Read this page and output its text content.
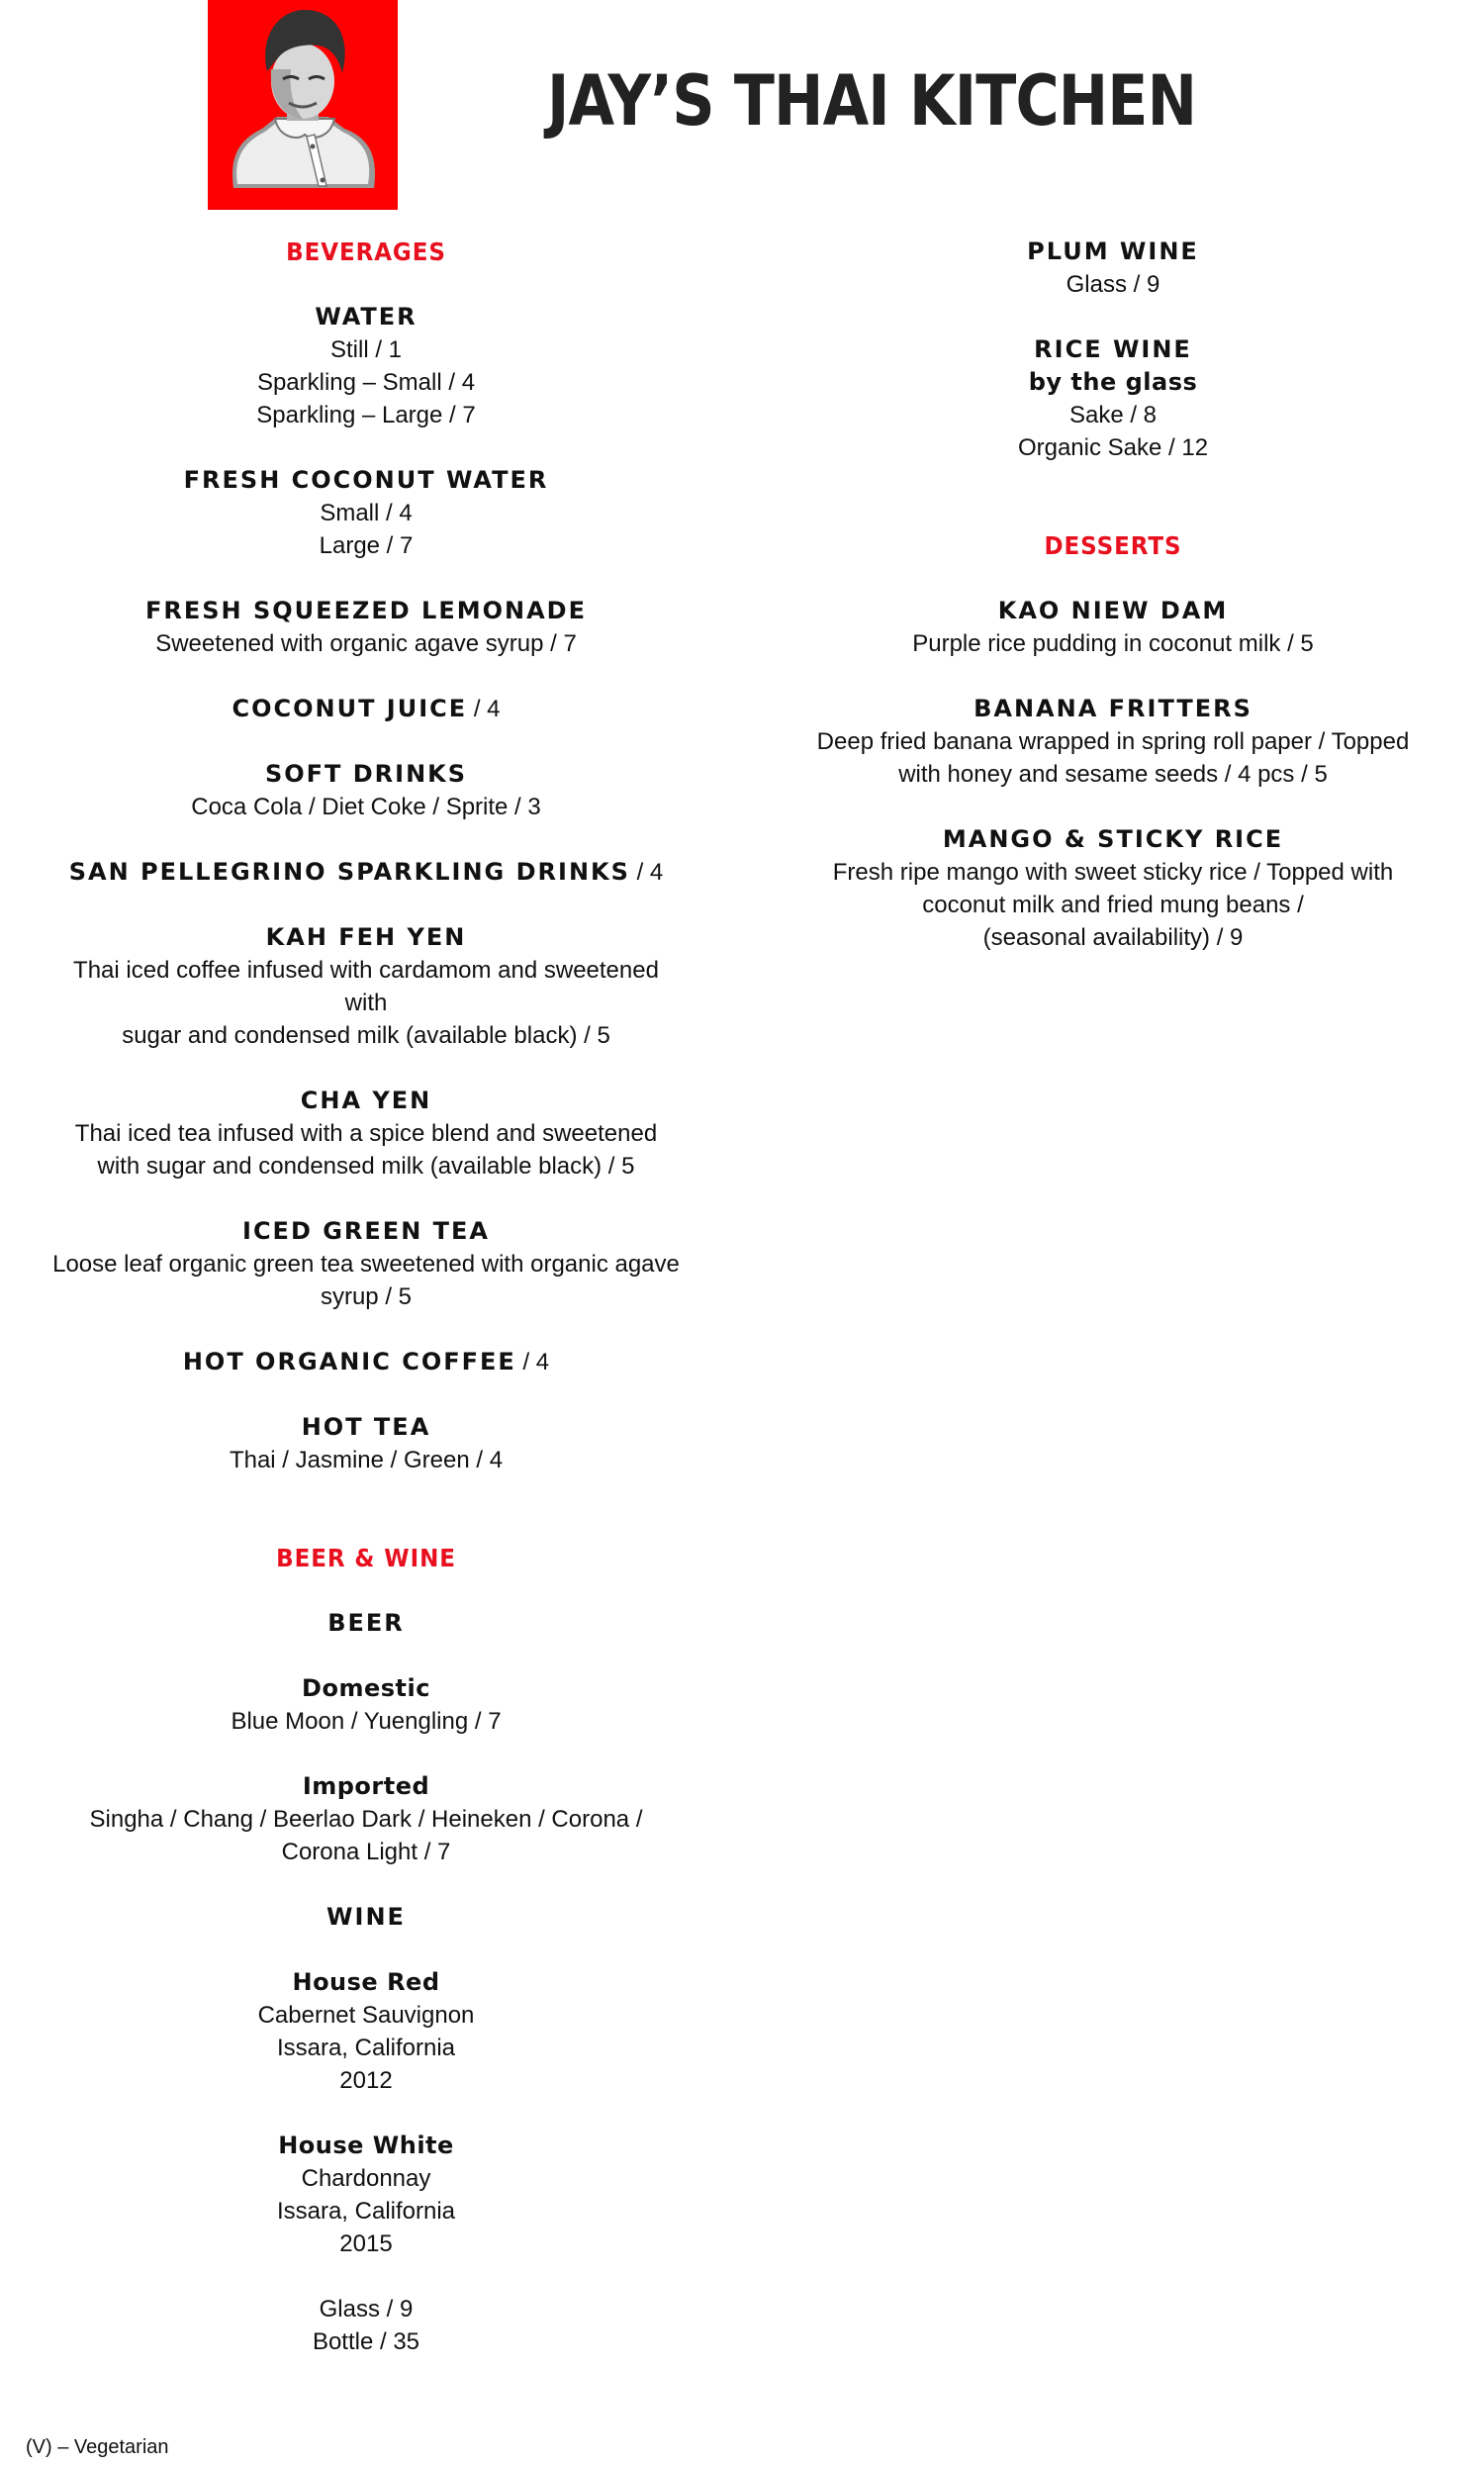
JAY’S THAI KITCHEN
BEVERAGES
WATER
Still / 1
Sparkling – Small / 4
Sparkling – Large / 7
FRESH COCONUT WATER
Small / 4
Large / 7
FRESH SQUEEZED LEMONADE
Sweetened with organic agave syrup / 7
COCONUT JUICE / 4
SOFT DRINKS
Coca Cola / Diet Coke / Sprite / 3
SAN PELLEGRINO SPARKLING DRINKS / 4
KAH FEH YEN
Thai iced coffee infused with cardamom and sweetened
with
sugar and condensed milk (available black) / 5
CHA YEN
Thai iced tea infused with a spice blend and sweetened
with sugar and condensed milk (available black) / 5
ICED GREEN TEA
Loose leaf organic green tea sweetened with organic agave
syrup / 5
HOT ORGANIC COFFEE / 4
HOT TEA
Thai / Jasmine / Green / 4
BEER & WINE
BEER
Domestic
Blue Moon / Yuengling / 7
Imported
Singha / Chang / Beerlao Dark / Heineken / Corona /
Corona Light / 7
WINE
House Red
Cabernet Sauvignon
Issara, California
2012
House White
Chardonnay
Issara, California
2015
Glass / 9
Bottle / 35
PLUM WINE
Glass / 9
RICE WINE
by the glass
Sake / 8
Organic Sake / 12
DESSERTS
KAO NIEW DAM
Purple rice pudding in coconut milk / 5
BANANA FRITTERS
Deep fried banana wrapped in spring roll paper / Topped
with honey and sesame seeds / 4 pcs / 5
MANGO & STICKY RICE
Fresh ripe mango with sweet sticky rice / Topped with
coconut milk and fried mung beans /
(seasonal availability) / 9
(V) – Vegetarian
